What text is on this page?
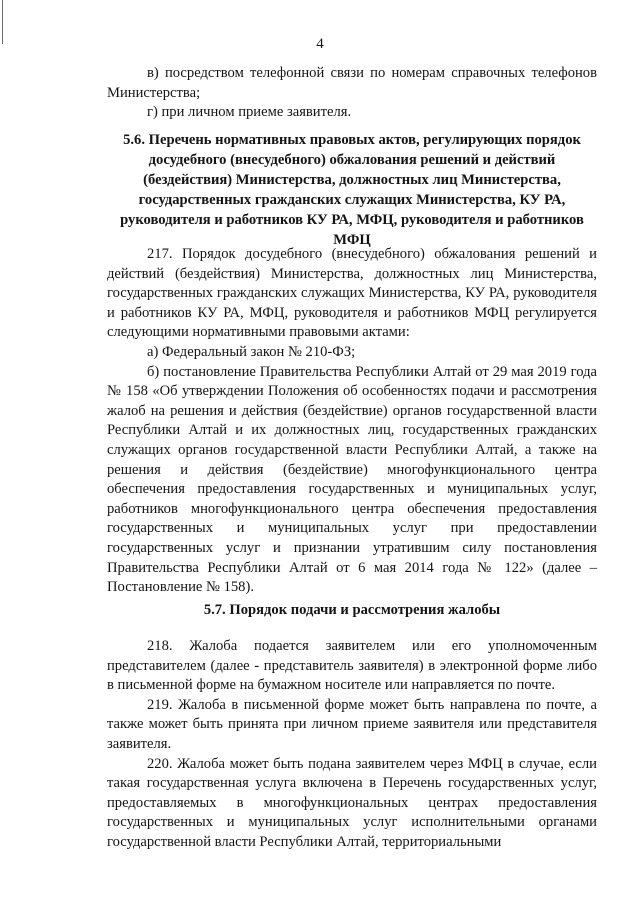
4

в) посредством телефонной связи по номерам справочных телефонов Министерства;

г) при личном приеме заявителя.

5.6. Перечень нормативных правовых актов, регулирующих порядок досудебного (внесудебного) обжалования решений и действий (бездействия) Министерства, должностных лиц Министерства, государственных гражданских служащих Министерства, КУ РА, руководителя и работников КУ РА, МФЦ, руководителя и работников МФЦ

217. Порядок досудебного (внесудебного) обжалования решений и действий (бездействия) Министерства, должностных лиц Министерства, государственных гражданских служащих Министерства, КУ РА, руководителя и работников КУ РА, МФЦ, руководителя и работников МФЦ регулируется следующими нормативными правовыми актами:

а) Федеральный закон № 210-ФЗ;

б) постановление Правительства Республики Алтай от 29 мая 2019 года № 158 «Об утверждении Положения об особенностях подачи и рассмотрения жалоб на решения и действия (бездействие) органов государственной власти Республики Алтай и их должностных лиц, государственных гражданских служащих органов государственной власти Республики Алтай, а также на решения и действия (бездействие) многофункционального центра обеспечения предоставления государственных и муниципальных услуг, работников многофункционального центра обеспечения предоставления государственных и муниципальных услуг при предоставлении государственных услуг и признании утратившим силу постановления Правительства Республики Алтай от 6 мая 2014 года № 122» (далее – Постановление № 158).

5.7. Порядок подачи и рассмотрения жалобы

218. Жалоба подается заявителем или его уполномоченным представителем (далее - представитель заявителя) в электронной форме либо в письменной форме на бумажном носителе или направляется по почте.

219. Жалоба в письменной форме может быть направлена по почте, а также может быть принята при личном приеме заявителя или представителя заявителя.

220. Жалоба может быть подана заявителем через МФЦ в случае, если такая государственная услуга включена в Перечень государственных услуг, предоставляемых в многофункциональных центрах предоставления государственных и муниципальных услуг исполнительными органами государственной власти Республики Алтай, территориальными
